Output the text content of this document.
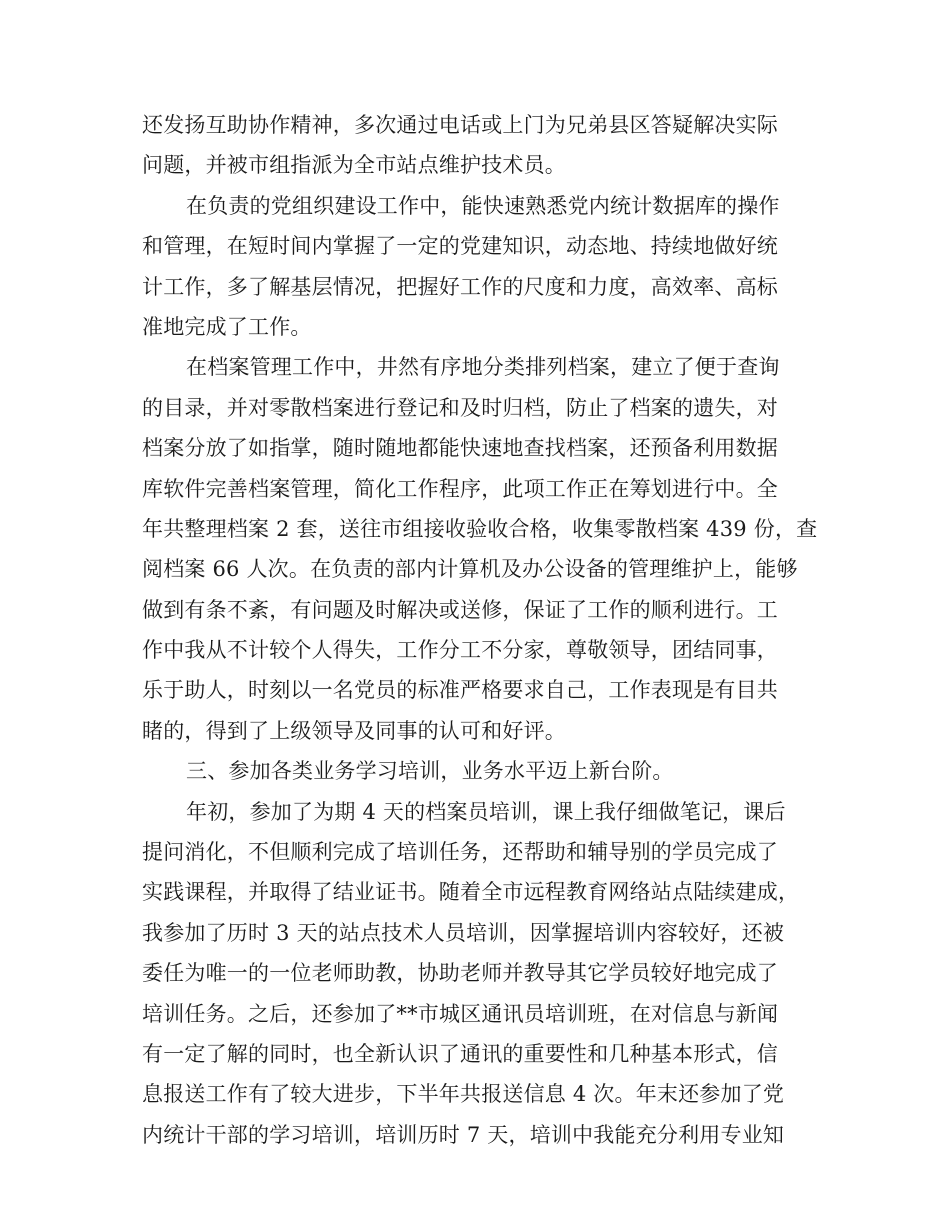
还发扬互助协作精神，多次通过电话或上门为兄弟县区答疑解决实际
问题，并被市组指派为全市站点维护技术员。
在负责的党组织建设工作中，能快速熟悉党内统计数据库的操作
和管理，在短时间内掌握了一定的党建知识，动态地、持续地做好统
计工作，多了解基层情况，把握好工作的尺度和力度，高效率、高标
准地完成了工作。
在档案管理工作中，井然有序地分类排列档案，建立了便于查询
的目录，并对零散档案进行登记和及时归档，防止了档案的遗失，对
档案分放了如指掌，随时随地都能快速地查找档案，还预备利用数据
库软件完善档案管理，简化工作程序，此项工作正在筹划进行中。全
年共整理档案 2 套，送往市组接收验收合格，收集零散档案 439 份，查
阅档案 66 人次。在负责的部内计算机及办公设备的管理维护上，能够
做到有条不紊，有问题及时解决或送修，保证了工作的顺利进行。工
作中我从不计较个人得失，工作分工不分家，尊敬领导，团结同事，
乐于助人，时刻以一名党员的标准严格要求自己，工作表现是有目共
睹的，得到了上级领导及同事的认可和好评。
三、参加各类业务学习培训，业务水平迈上新台阶。
年初，参加了为期 4 天的档案员培训，课上我仔细做笔记，课后
提问消化，不但顺利完成了培训任务，还帮助和辅导别的学员完成了
实践课程，并取得了结业证书。随着全市远程教育网络站点陆续建成，
我参加了历时 3 天的站点技术人员培训，因掌握培训内容较好，还被
委任为唯一的一位老师助教，协助老师并教导其它学员较好地完成了
培训任务。之后，还参加了**市城区通讯员培训班，在对信息与新闻
有一定了解的同时，也全新认识了通讯的重要性和几种基本形式，信
息报送工作有了较大进步，下半年共报送信息 4 次。年末还参加了党
内统计干部的学习培训，培训历时 7 天，培训中我能充分利用专业知
